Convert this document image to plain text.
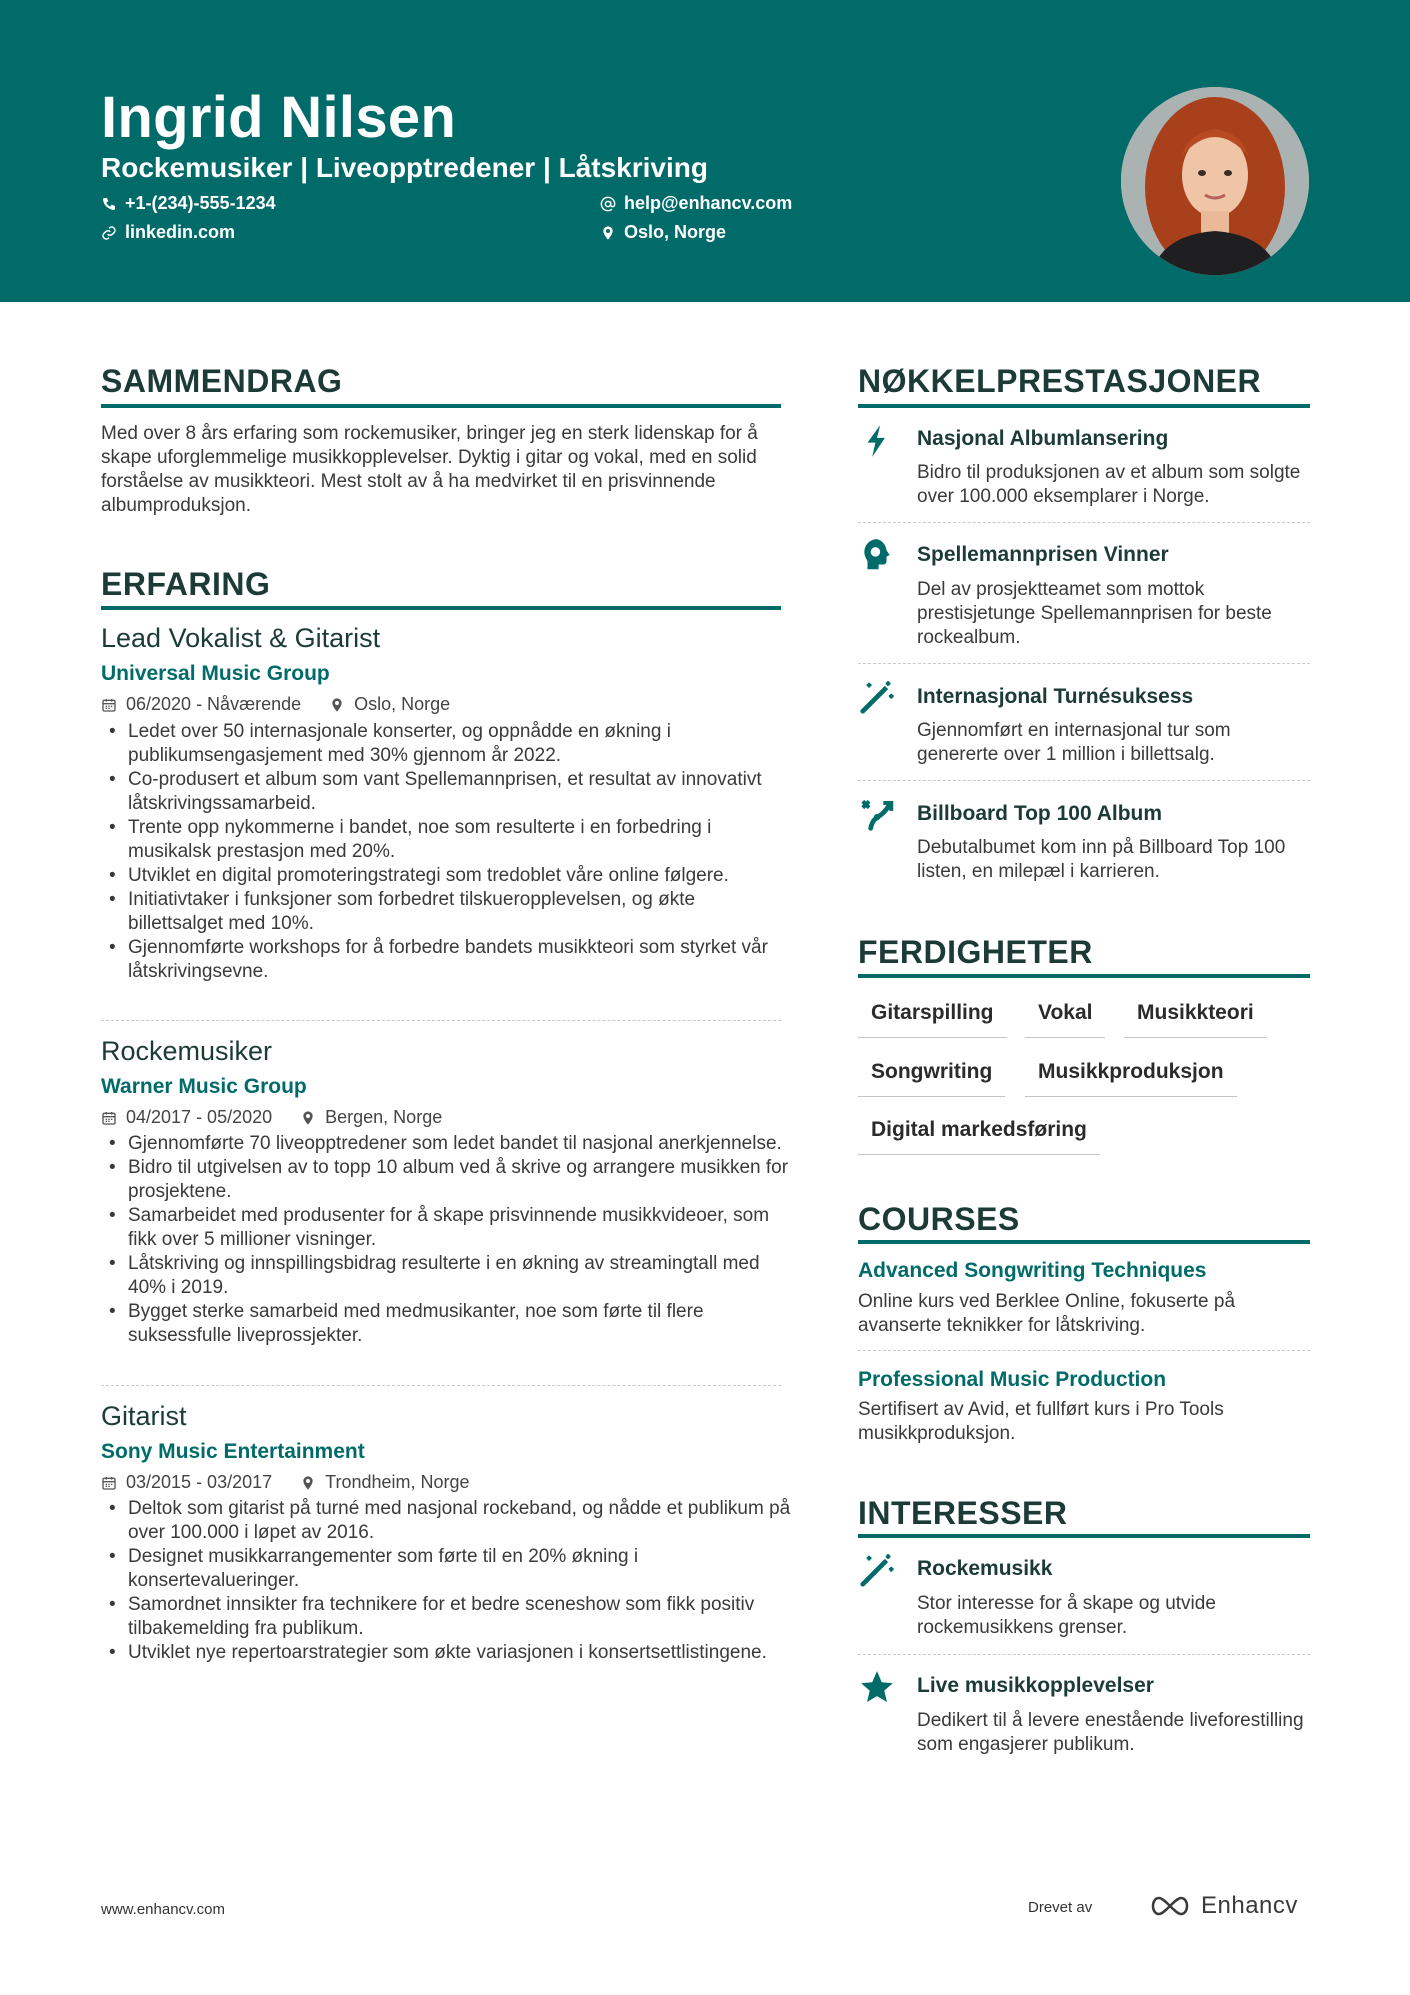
Ingrid Nilsen
Rockemusiker | Liveopptredener | Låtskriving
+1-(234)-555-1234
linkedin.com
help@enhancv.com
Oslo, Norge
SAMMENDRAG
Med over 8 års erfaring som rockemusiker, bringer jeg en sterk lidenskap for å skape uforglemmelige musikkopplevelser. Dyktig i gitar og vokal, med en solid forståelse av musikkteori. Mest stolt av å ha medvirket til en prisvinnende albumproduksjon.
ERFARING
Lead Vokalist & Gitarist
Universal Music Group
06/2020 - Nåværende	Oslo, Norge
• Ledet over 50 internasjonale konserter, og oppnådde en økning i publikumsengasjement med 30% gjennom år 2022.
• Co-produsert et album som vant Spellemannprisen, et resultat av innovativt låtskrivingssamarbeid.
• Trente opp nykommerne i bandet, noe som resulterte i en forbedring i musikalsk prestasjon med 20%.
• Utviklet en digital promoteringstrategi som tredoblet våre online følgere.
• Initiativtaker i funksjoner som forbedret tilskueropplevelsen, og økte billettsalget med 10%.
• Gjennomførte workshops for å forbedre bandets musikkteori som styrket vår låtskrivingsevne.
Rockemusiker
Warner Music Group
04/2017 - 05/2020	Bergen, Norge
• Gjennomførte 70 liveopptredener som ledet bandet til nasjonal anerkjennelse.
• Bidro til utgivelsen av to topp 10 album ved å skrive og arrangere musikken for prosjektene.
• Samarbeidet med produsenter for å skape prisvinnende musikkvideoer, som fikk over 5 millioner visninger.
• Låtskriving og innspillingsbidrag resulterte i en økning av streamingtall med 40% i 2019.
• Bygget sterke samarbeid med medmusikanter, noe som førte til flere suksessfulle liveprossjekter.
Gitarist
Sony Music Entertainment
03/2015 - 03/2017	Trondheim, Norge
• Deltok som gitarist på turné med nasjonal rockeband, og nådde et publikum på over 100.000 i løpet av 2016.
• Designet musikkarrangementer som førte til en 20% økning i konsertevalueringer.
• Samordnet innsikter fra technikere for et bedre sceneshow som fikk positiv tilbakemelding fra publikum.
• Utviklet nye repertoarstrategier som økte variasjonen i konsertsettlistingene.
NØKKELPRESTASJONER
Nasjonal Albumlansering
Bidro til produksjonen av et album som solgte over 100.000 eksemplarer i Norge.
Spellemannprisen Vinner
Del av prosjektteamet som mottok prestisjetunge Spellemannprisen for beste rockealbum.
Internasjonal Turnésuksess
Gjennomført en internasjonal tur som genererte over 1 million i billettsalg.
Billboard Top 100 Album
Debutalbumet kom inn på Billboard Top 100 listen, en milepæl i karrieren.
FERDIGHETER
Gitarspilling	Vokal	Musikkteori
Songwriting	Musikkproduksjon
Digital markedsføring
COURSES
Advanced Songwriting Techniques
Online kurs ved Berklee Online, fokuserte på avanserte teknikker for låtskriving.
Professional Music Production
Sertifisert av Avid, et fullført kurs i Pro Tools musikkproduksjon.
INTERESSER
Rockemusikk
Stor interesse for å skape og utvide rockemusikkens grenser.
Live musikkopplevelser
Dedikert til å levere enestående liveforestilling som engasjerer publikum.
www.enhancv.com	Drevet av	Enhancv
